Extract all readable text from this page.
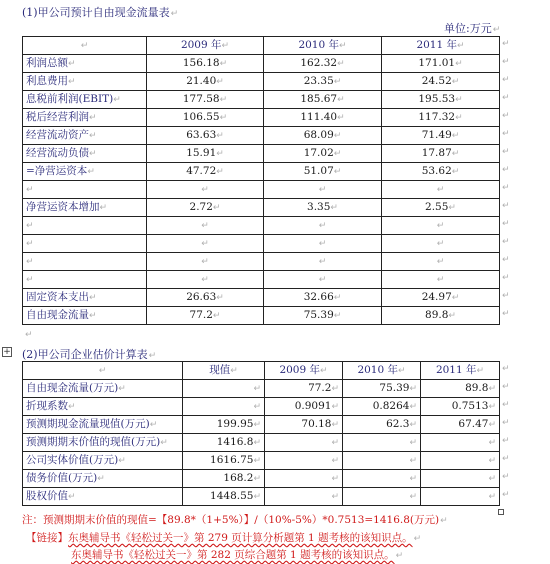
(1)甲公司预计自由现金流量表↵
单位:万元↵
↵	2009 年↵	2010 年↵	2011 年↵
利润总额↵	156.18↵	162.32↵	171.01↵
利息费用↵	21.40↵	23.35↵	24.52↵
息税前利润(EBIT)↵	177.58↵	185.67↵	195.53↵
税后经营利润↵	106.55↵	111.40↵	117.32↵
经营流动资产↵	63.63↵	68.09↵	71.49↵
经营流动负债↵	15.91↵	17.02↵	17.87↵
=净营运资本↵	47.72↵	51.07↵	53.62↵
↵	↵	↵	↵
净营运资本增加↵	2.72↵	3.35↵	2.55↵
↵	↵	↵	↵
↵	↵	↵	↵
↵	↵	↵	↵
↵	↵	↵	↵
固定资本支出↵	26.63↵	32.66↵	24.97↵
自由现金流量↵	77.2↵	75.39↵	89.8↵
↵
↵
↵
↵
↵
↵
↵
↵
↵
↵
↵
↵
↵
↵
↵
↵
↵
+ (2)甲公司企业估价计算表↵
↵	现值↵	2009 年↵	2010 年↵	2011 年↵
自由现金流量(万元)↵	↵	77.2↵	75.39↵	89.8↵
折现系数↵	↵	0.9091↵	0.8264↵	0.7513↵
预测期现金流量现值(万元)↵	199.95↵	70.18↵	62.3↵	67.47↵
预测期期末价值的现值(万元)↵	1416.8↵	↵	↵	↵
公司实体价值(万元)↵	1616.75↵	↵	↵	↵
债务价值(万元)↵	168.2↵	↵	↵	↵
股权价值↵	1448.55↵	↵	↵	↵
↵
↵
↵
↵
↵
↵
↵
↵
注：预测期期末价值的现值=【89.8*（1+5%）】/（10%-5%）*0.7513=1416.8(万元)↵
【链接】东奥辅导书《轻松过关一》第 279 页计算分析题第 1 题考核的该知识点。↵
东奥辅导书《轻松过关一》第 282 页综合题第 1 题考核的该知识点。↵
